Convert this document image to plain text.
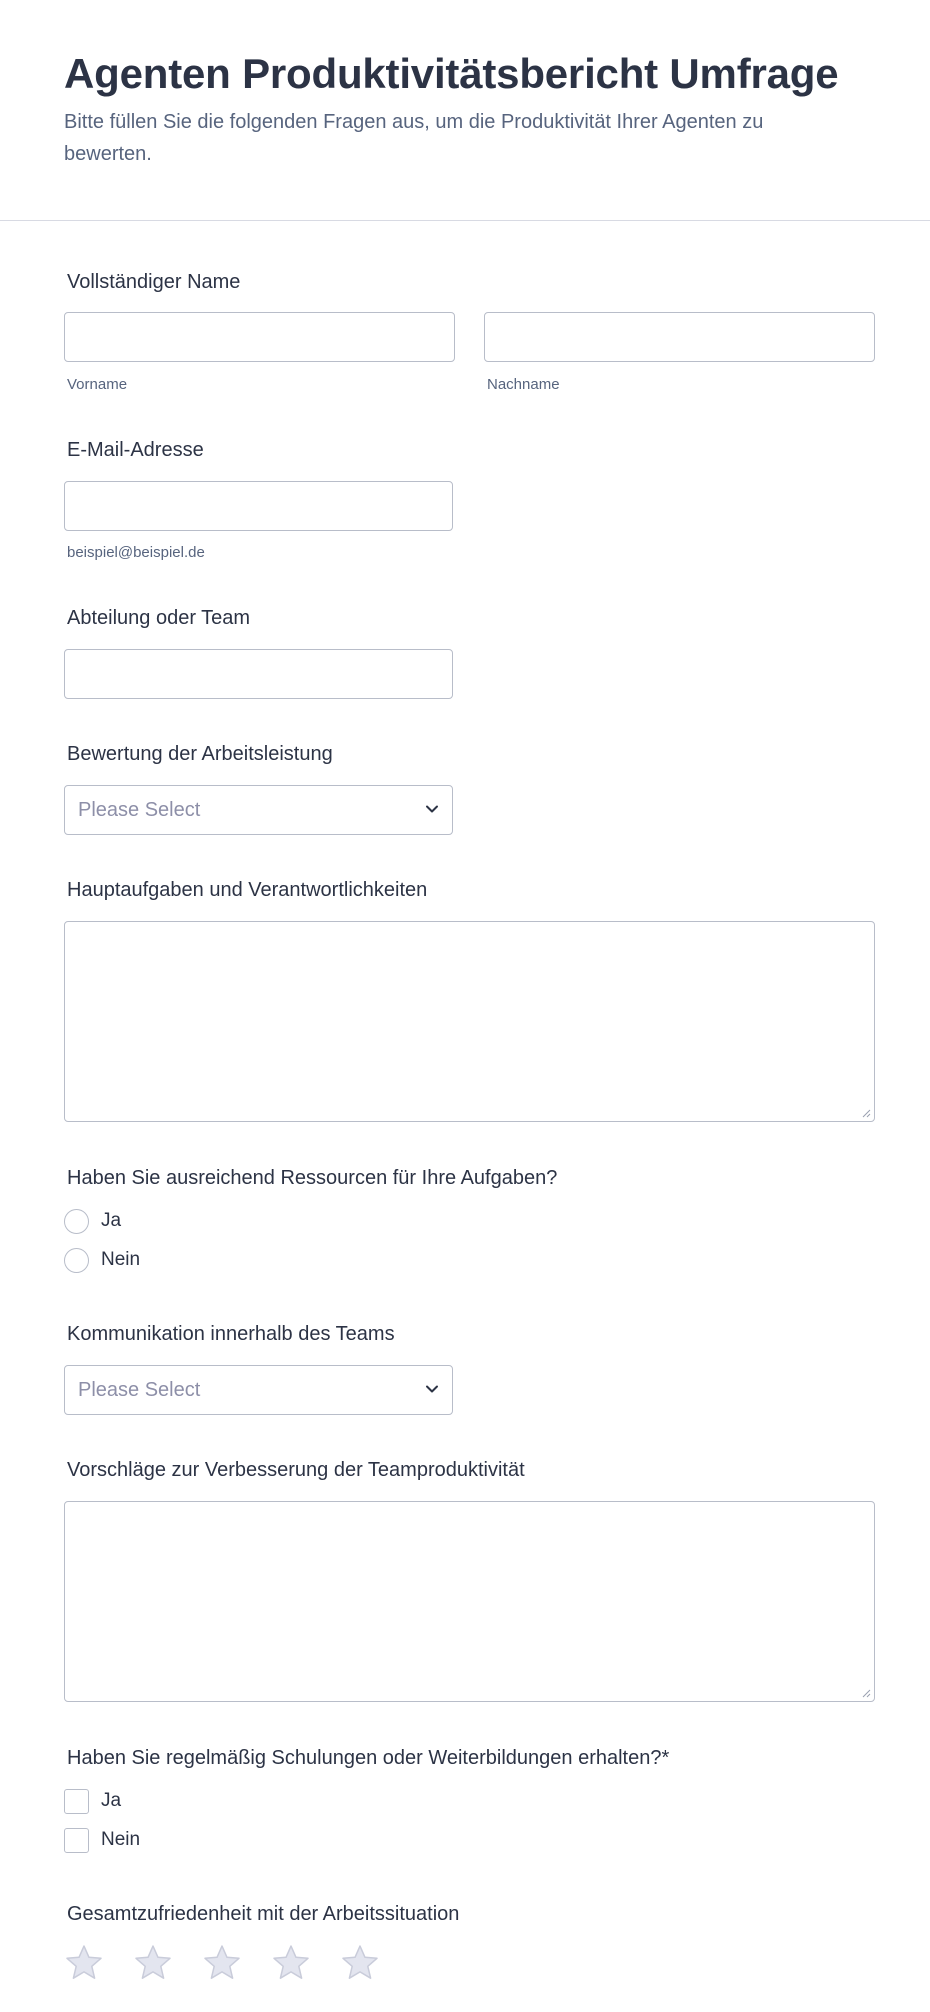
Agenten Produktivitätsbericht Umfrage
Bitte füllen Sie die folgenden Fragen aus, um die Produktivität Ihrer Agenten zu bewerten.
Vollständiger Name
Vorname	Nachname
E-Mail-Adresse
beispiel@beispiel.de
Abteilung oder Team
Bewertung der Arbeitsleistung
Please Select
Hauptaufgaben und Verantwortlichkeiten
Haben Sie ausreichend Ressourcen für Ihre Aufgaben?
Ja
Nein
Kommunikation innerhalb des Teams
Please Select
Vorschläge zur Verbesserung der Teamproduktivität
Haben Sie regelmäßig Schulungen oder Weiterbildungen erhalten?*
Ja
Nein
Gesamtzufriedenheit mit der Arbeitssituation
